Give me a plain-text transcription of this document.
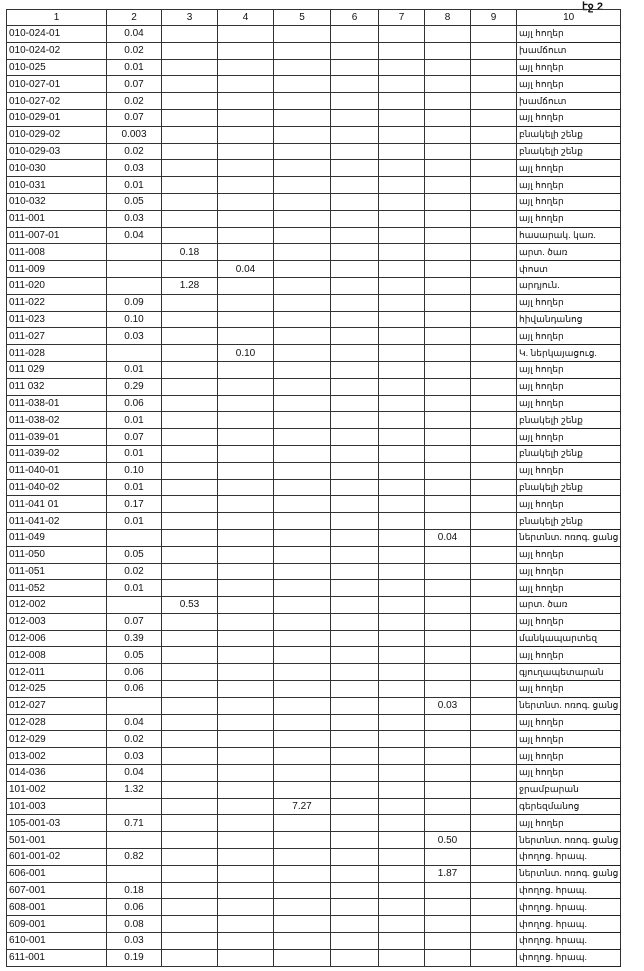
էջ 2
1	2	3	4	5	6	7	8	9	10
010-024-01	0.04								այլ հողեր
010-024-02	0.02								խամճուտ
010-025	0.01								այլ հողեր
010-027-01	0.07								այլ հողեր
010-027-02	0.02								խամճուտ
010-029-01	0.07								այլ հողեր
010-029-02	0.003								բնակելի շենք
010-029-03	0.02								բնակելի շենք
010-030	0.03								այլ հողեր
010-031	0.01								այլ հողեր
010-032	0.05								այլ հողեր
011-001	0.03								այլ հողեր
011-007-01	0.04								հասարակ. կառ.
011-008		0.18							արտ. ծառ
011-009			0.04						փոստ
011-020		1.28							արդյուն.
011-022	0.09								այլ հողեր
011-023	0.10								հիվանդանոց
011-027	0.03								այլ հողեր
011-028			0.10						Կ. ներկայացուց.
011 029	0.01								այլ հողեր
011 032	0.29								այլ հողեր
011-038-01	0.06								այլ հողեր
011-038-02	0.01								բնակելի շենք
011-039-01	0.07								այլ հողեր
011-039-02	0.01								բնակելի շենք
011-040-01	0.10								այլ հողեր
011-040-02	0.01								բնակելի շենք
011-041 01	0.17								այլ հողեր
011-041-02	0.01								բնակելի շենք
011-049							0.04		ներտնտ. ոռոգ. ցանց
011-050	0.05								այլ հողեր
011-051	0.02								այլ հողեր
011-052	0.01								այլ հողեր
012-002		0.53							արտ. ծառ
012-003	0.07								այլ հողեր
012-006	0.39								մանկապարտեզ
012-008	0.05								այլ հողեր
012-011	0.06								գյուղապետարան
012-025	0.06								այլ հողեր
012-027							0.03		ներտնտ. ոռոգ. ցանց
012-028	0.04								այլ հողեր
012-029	0.02								այլ հողեր
013-002	0.03								այլ հողեր
014-036	0.04								այլ հողեր
101-002	1.32								ջրամբարան
101-003				7.27					գերեզմանոց
105-001-03	0.71								այլ հողեր
501-001							0.50		ներտնտ. ոռոգ. ցանց
601-001-02	0.82								փողոց. հրապ.
606-001							1.87		ներտնտ. ոռոգ. ցանց
607-001	0.18								փողոց. հրապ.
608-001	0.06								փողոց. հրապ.
609-001	0.08								փողոց. հրապ.
610-001	0.03								փողոց. հրապ.
611-001	0.19								փողոց. հրապ.
